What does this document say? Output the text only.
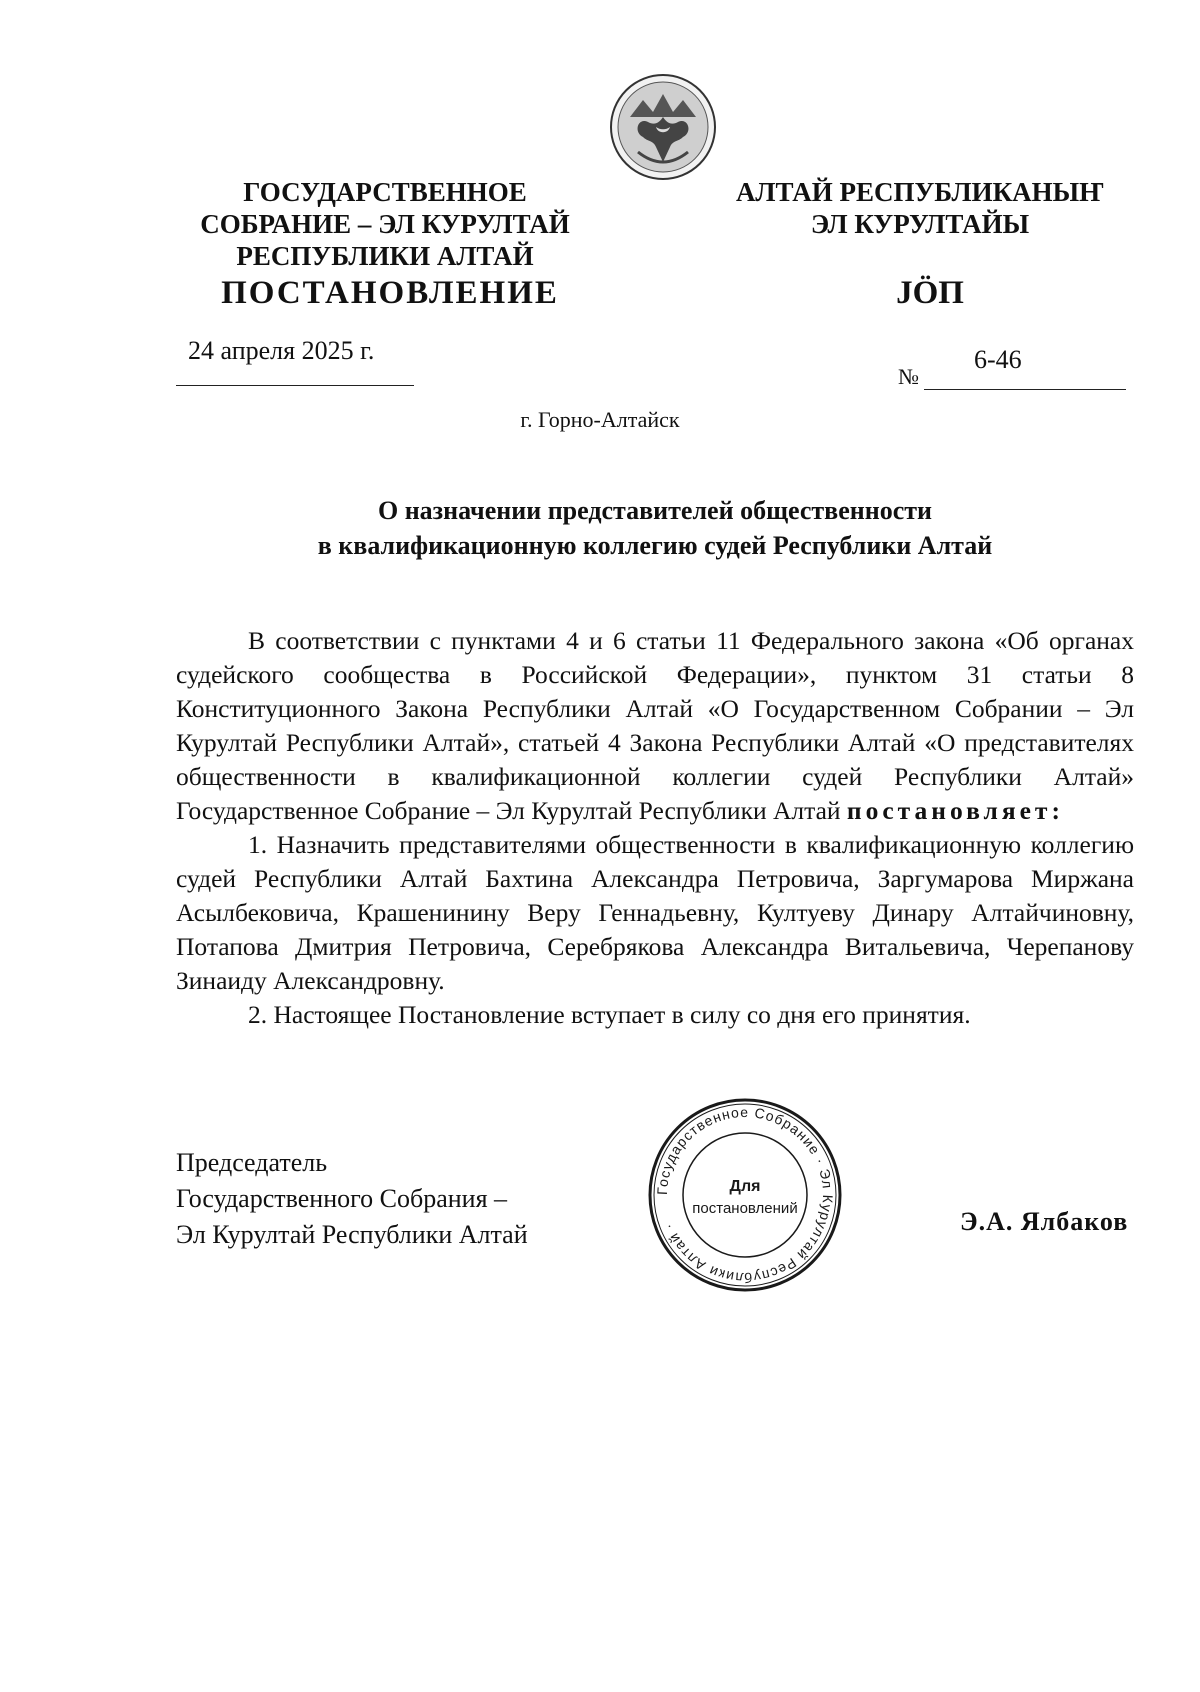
ГОСУДАРСТВЕННОЕ
СОБРАНИЕ – ЭЛ КУРУЛТАЙ
РЕСПУБЛИКИ АЛТАЙ
АЛТАЙ РЕСПУБЛИКАНЫҤ
ЭЛ КУРУЛТАЙЫ
ПОСТАНОВЛЕНИЕ	JӦП
24 апреля 2025 г.
№
6-46
г. Горно-Алтайск
О назначении представителей общественности
в квалификационную коллегию судей Республики Алтай

В соответствии с пунктами 4 и 6 статьи 11 Федерального закона «Об органах судейского сообщества в Российской Федерации», пунктом 31 статьи 8 Конституционного Закона Республики Алтай «О Государственном Собрании – Эл Курултай Республики Алтай», статьей 4 Закона Республики Алтай «О представителях общественности в квалификационной коллегии судей Республики Алтай» Государственное Собрание – Эл Курултай Республики Алтай постановляет:

1. Назначить представителями общественности в квалификационную коллегию судей Республики Алтай Бахтина Александра Петровича, Заргумарова Миржана Асылбековича, Крашенинину Веру Геннадьевну, Култуеву Динару Алтайчиновну, Потапова Дмитрия Петровича, Серебрякова Александра Витальевича, Черепанову Зинаиду Александровну.

2. Настоящее Постановление вступает в силу со дня его принятия.

Председатель
Государственного Собрания –
Эл Курултай Республики Алтай
Государственное Собрание · Эл Курултай Республики Алтай ·
Для
постановлений	Э.А. Ялбаков
